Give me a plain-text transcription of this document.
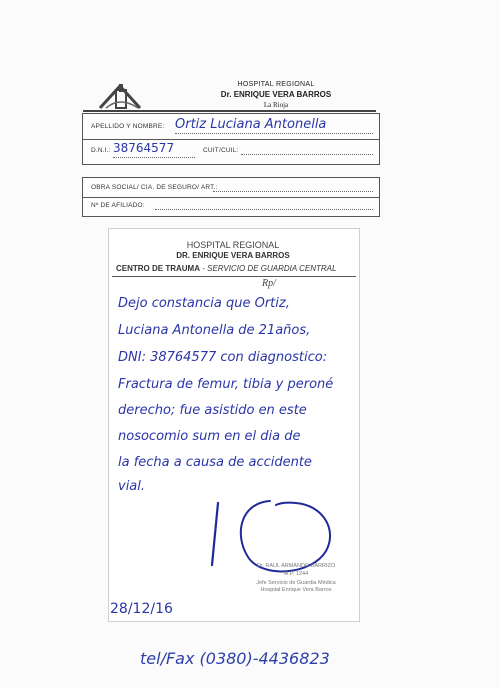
HOSPITAL REGIONAL
Dr. ENRIQUE VERA BARROS
La Rioja
APELLIDO Y NOMBRE: Ortiz Luciana Antonella
D.N.I.: 38764577	CUIT/CUIL:
OBRA SOCIAL/ CIA. DE SEGURO/ ART.:
Nº DE AFILIADO:
HOSPITAL REGIONAL
DR. ENRIQUE VERA BARROS
CENTRO DE TRAUMA - SERVICIO DE GUARDIA CENTRAL
Rp/
Dejo constancia que Ortiz,
Luciana Antonella de 21años,
DNI: 38764577 con diagnostico:
Fractura de femur, tibia y peroné
derecho; fue asistido en este
nosocomio sum en el dia de
la fecha a causa de accidente
vial.
Dr. RAUL ARMANDO BARRIZO
M.P. 1244
Jefe Servicio de Guardia Médica
Hospital Enrique Vera Barros
28/12/16
tel/Fax (0380)-4436823
